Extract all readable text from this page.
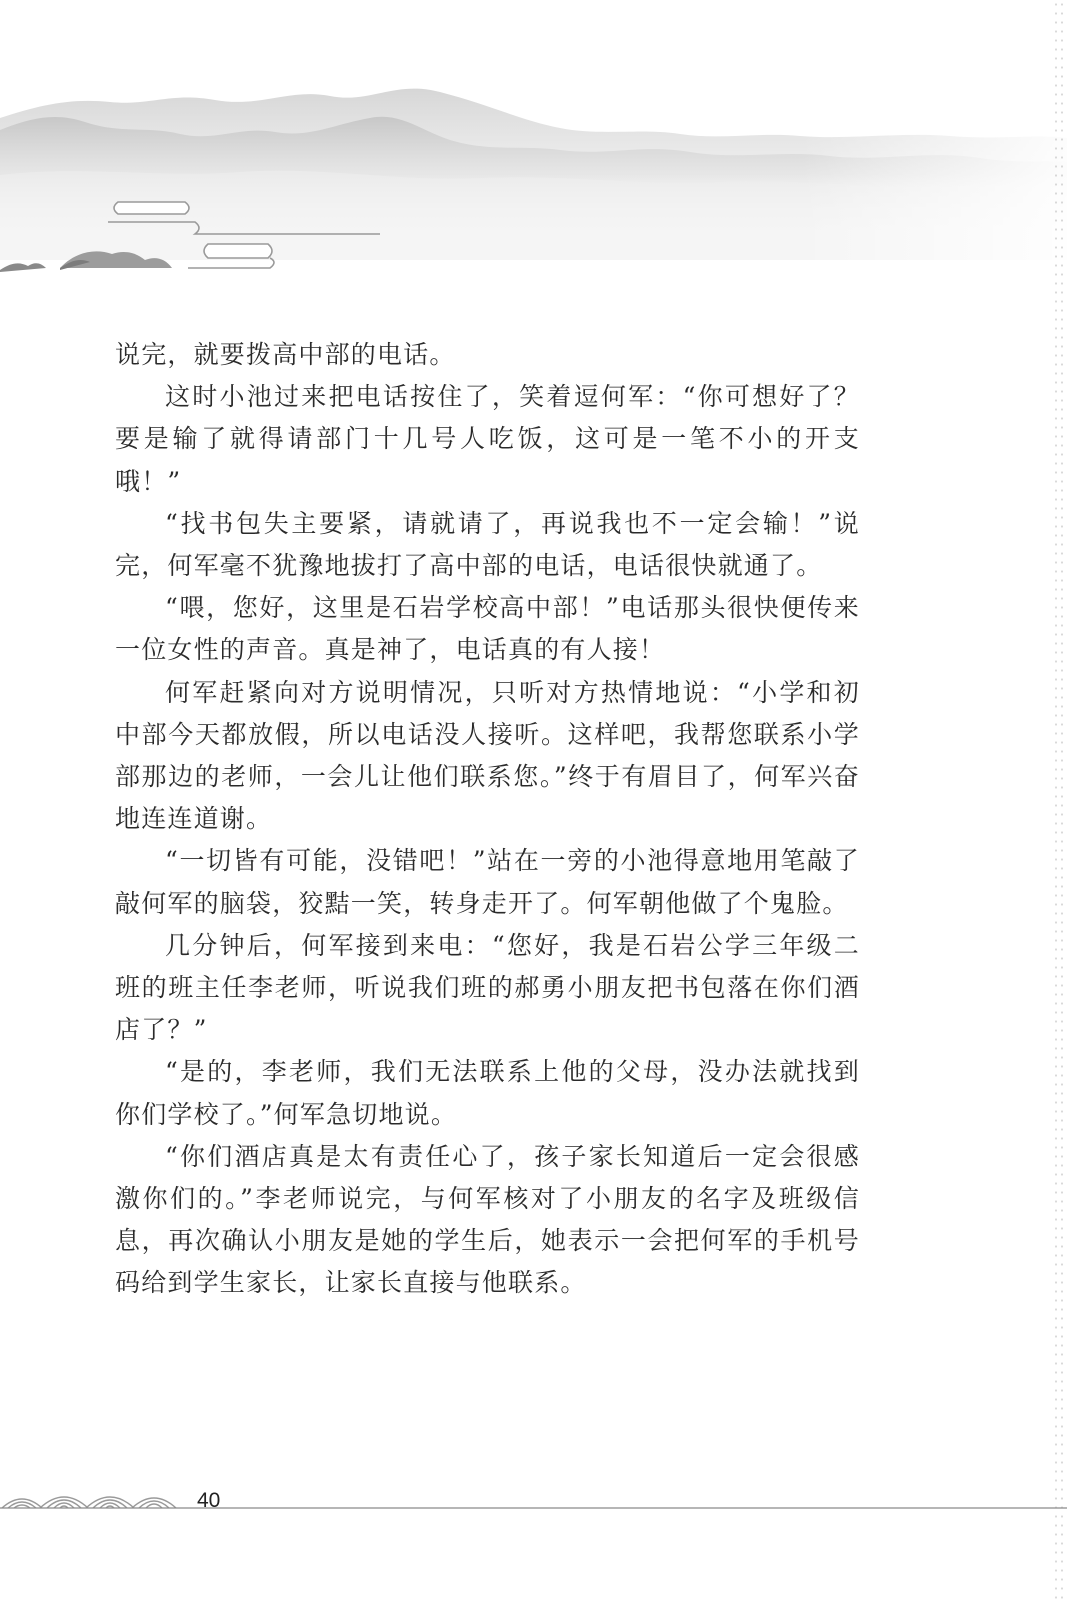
说完，就要拨高中部的电话。

这时小池过来把电话按住了，笑着逗何军：“你可想好了？要是输了就得请部门十几号人吃饭，这可是一笔不小的开支哦！”

“找书包失主要紧，请就请了，再说我也不一定会输！”说完，何军毫不犹豫地拔打了高中部的电话，电话很快就通了。

“喂，您好，这里是石岩学校高中部！”电话那头很快便传来一位女性的声音。真是神了，电话真的有人接！

何军赶紧向对方说明情况，只听对方热情地说：“小学和初中部今天都放假，所以电话没人接听。这样吧，我帮您联系小学部那边的老师，一会儿让他们联系您。”终于有眉目了，何军兴奋地连连道谢。

“一切皆有可能，没错吧！”站在一旁的小池得意地用笔敲了敲何军的脑袋，狡黠一笑，转身走开了。何军朝他做了个鬼脸。

几分钟后，何军接到来电：“您好，我是石岩公学三年级二班的班主任李老师，听说我们班的郝勇小朋友把书包落在你们酒店了？”

“是的，李老师，我们无法联系上他的父母，没办法就找到你们学校了。”何军急切地说。

“你们酒店真是太有责任心了，孩子家长知道后一定会很感激你们的。”李老师说完，与何军核对了小朋友的名字及班级信息，再次确认小朋友是她的学生后，她表示一会把何军的手机号码给到学生家长，让家长直接与他联系。

40
